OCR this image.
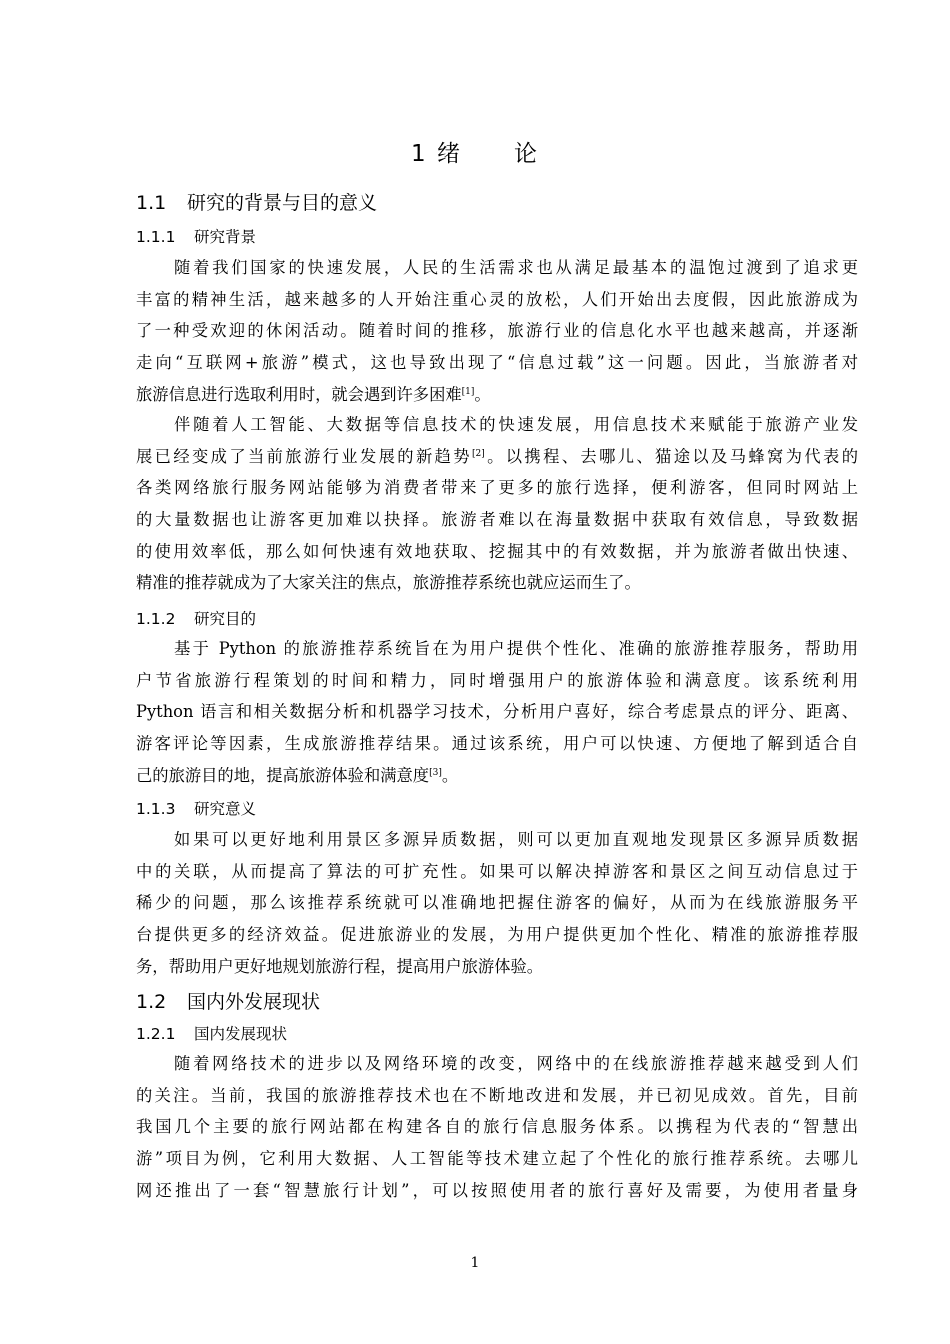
1 绪 论
1.1 研究的背景与目的意义
1.1.1 研究背景
随着我们国家的快速发展，人民的生活需求也从满足最基本的温饱过渡到了追求更
丰富的精神生活，越来越多的人开始注重心灵的放松，人们开始出去度假，因此旅游成为
了一种受欢迎的休闲活动。随着时间的推移，旅游行业的信息化水平也越来越高，并逐渐
走向“互联网+旅游”模式，这也导致出现了“信息过载”这一问题。因此，当旅游者对
旅游信息进行选取利用时，就会遇到许多困难[1]。
伴随着人工智能、大数据等信息技术的快速发展，用信息技术来赋能于旅游产业发
展已经变成了当前旅游行业发展的新趋势[2]。以携程、去哪儿、猫途以及马蜂窝为代表的
各类网络旅行服务网站能够为消费者带来了更多的旅行选择，便利游客，但同时网站上
的大量数据也让游客更加难以抉择。旅游者难以在海量数据中获取有效信息，导致数据
的使用效率低，那么如何快速有效地获取、挖掘其中的有效数据，并为旅游者做出快速、
精准的推荐就成为了大家关注的焦点，旅游推荐系统也就应运而生了。
1.1.2 研究目的
基于 Python 的旅游推荐系统旨在为用户提供个性化、准确的旅游推荐服务，帮助用
户节省旅游行程策划的时间和精力，同时增强用户的旅游体验和满意度。该系统利用
Python 语言和相关数据分析和机器学习技术，分析用户喜好，综合考虑景点的评分、距离、
游客评论等因素，生成旅游推荐结果。通过该系统，用户可以快速、方便地了解到适合自
己的旅游目的地，提高旅游体验和满意度[3]。
1.1.3 研究意义
如果可以更好地利用景区多源异质数据，则可以更加直观地发现景区多源异质数据
中的关联，从而提高了算法的可扩充性。如果可以解决掉游客和景区之间互动信息过于
稀少的问题，那么该推荐系统就可以准确地把握住游客的偏好，从而为在线旅游服务平
台提供更多的经济效益。促进旅游业的发展，为用户提供更加个性化、精准的旅游推荐服
务，帮助用户更好地规划旅游行程，提高用户旅游体验。
1.2 国内外发展现状
1.2.1 国内发展现状
随着网络技术的进步以及网络环境的改变，网络中的在线旅游推荐越来越受到人们
的关注。当前，我国的旅游推荐技术也在不断地改进和发展，并已初见成效。首先，目前
我国几个主要的旅行网站都在构建各自的旅行信息服务体系。以携程为代表的“智慧出
游”项目为例，它利用大数据、人工智能等技术建立起了个性化的旅行推荐系统。去哪儿
网还推出了一套“智慧旅行计划”，可以按照使用者的旅行喜好及需要，为使用者量身
1
